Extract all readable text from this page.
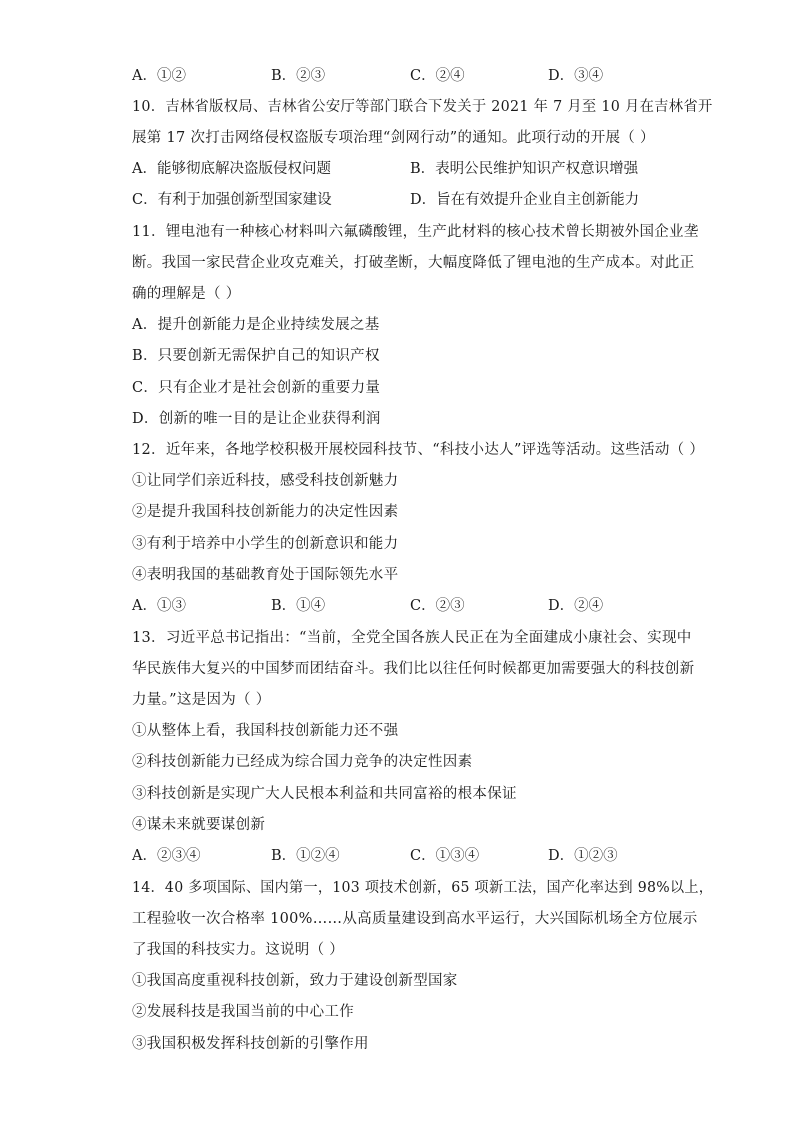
A．①②	B．②③	C．②④	D．③④
10．吉林省版权局、吉林省公安厅等部门联合下发关于 2021 年 7 月至 10 月在吉林省开
展第 17 次打击网络侵权盗版专项治理“剑网行动”的通知。此项行动的开展（ ）
A．能够彻底解决盗版侵权问题	B．表明公民维护知识产权意识增强
C．有利于加强创新型国家建设	D．旨在有效提升企业自主创新能力
11．锂电池有一种核心材料叫六氟磷酸锂，生产此材料的核心技术曾长期被外国企业垄
断。我国一家民营企业攻克难关，打破垄断，大幅度降低了锂电池的生产成本。对此正
确的理解是（ ）
A．提升创新能力是企业持续发展之基
B．只要创新无需保护自己的知识产权
C．只有企业才是社会创新的重要力量
D．创新的唯一目的是让企业获得利润
12．近年来，各地学校积极开展校园科技节、“科技小达人”评选等活动。这些活动（ ）
①让同学们亲近科技，感受科技创新魅力
②是提升我国科技创新能力的决定性因素
③有利于培养中小学生的创新意识和能力
④表明我国的基础教育处于国际领先水平
A．①③	B．①④	C．②③	D．②④
13．习近平总书记指出：“当前，全党全国各族人民正在为全面建成小康社会、实现中
华民族伟大复兴的中国梦而团结奋斗。我们比以往任何时候都更加需要强大的科技创新
力量。”这是因为（ ）
①从整体上看，我国科技创新能力还不强
②科技创新能力已经成为综合国力竞争的决定性因素
③科技创新是实现广大人民根本利益和共同富裕的根本保证
④谋未来就要谋创新
A．②③④	B．①②④	C．①③④	D．①②③
14．40 多项国际、国内第一，103 项技术创新，65 项新工法，国产化率达到 98%以上，
工程验收一次合格率 100%……从高质量建设到高水平运行，大兴国际机场全方位展示
了我国的科技实力。这说明（ ）
①我国高度重视科技创新，致力于建设创新型国家
②发展科技是我国当前的中心工作
③我国积极发挥科技创新的引擎作用
